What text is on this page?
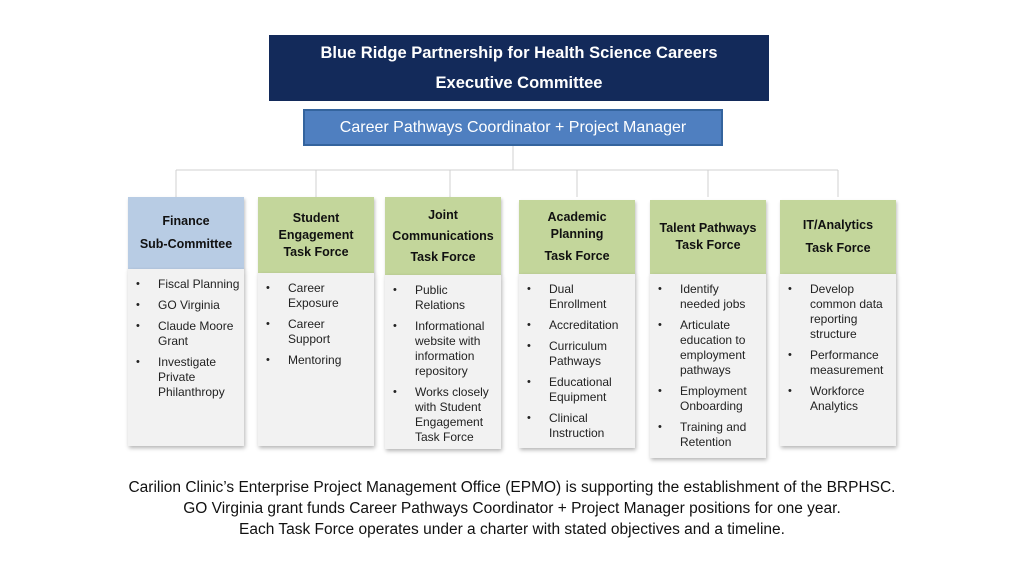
Blue Ridge Partnership for Health Science Careers
Executive Committee
Career Pathways Coordinator + Project Manager
Finance
Sub-Committee
• Fiscal Planning
• GO Virginia
• Claude Moore Grant
• Investigate Private Philanthropy
Student
Engagement
Task Force
• Career Exposure
• Career Support
• Mentoring
Joint
Communications
Task Force
• Public Relations
• Informational website with information repository
• Works closely with Student Engagement Task Force
Academic
Planning
Task Force
• Dual Enrollment
• Accreditation
• Curriculum Pathways
• Educational Equipment
• Clinical Instruction
Talent Pathways
Task Force
• Identify needed jobs
• Articulate education to employment pathways
• Employment Onboarding
• Training and Retention
IT/Analytics
Task Force
• Develop common data reporting structure
• Performance measurement
• Workforce Analytics
Carilion Clinic’s Enterprise Project Management Office (EPMO) is supporting the establishment of the BRPHSC.
GO Virginia grant funds Career Pathways Coordinator + Project Manager positions for one year.
Each Task Force operates under a charter with stated objectives and a timeline.
